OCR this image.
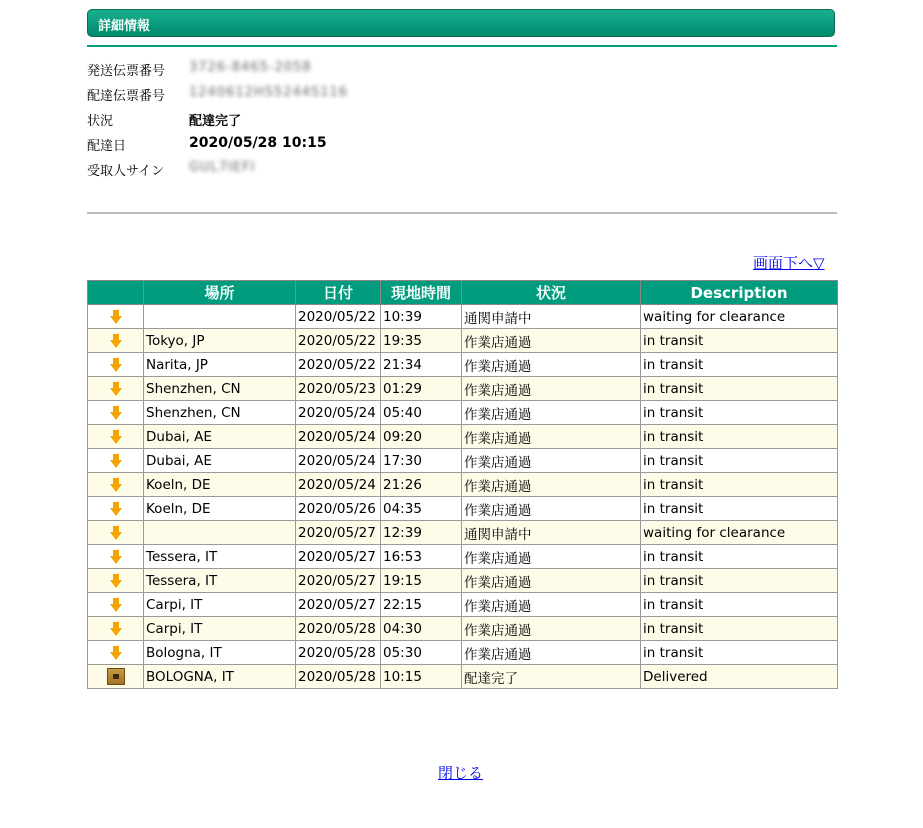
詳細情報
発送伝票番号 3726-8465-2058
配達伝票番号 1240612HS5244S116
状況	配達完了
配達日	2020/05/28 10:15
受取人サイン GUL7IEFI
画面下へ▽
	場所	日付	現地時間	状況	Description

		2020/05/22	10:39	通関申請中	waiting for clearance

	Tokyo, JP	2020/05/22	19:35	作業店通過	in transit

	Narita, JP	2020/05/22	21:34	作業店通過	in transit

	Shenzhen, CN	2020/05/23	01:29	作業店通過	in transit

	Shenzhen, CN	2020/05/24	05:40	作業店通過	in transit

	Dubai, AE	2020/05/24	09:20	作業店通過	in transit

	Dubai, AE	2020/05/24	17:30	作業店通過	in transit

	Koeln, DE	2020/05/24	21:26	作業店通過	in transit

	Koeln, DE	2020/05/26	04:35	作業店通過	in transit

		2020/05/27	12:39	通関申請中	waiting for clearance

	Tessera, IT	2020/05/27	16:53	作業店通過	in transit

	Tessera, IT	2020/05/27	19:15	作業店通過	in transit

	Carpi, IT	2020/05/27	22:15	作業店通過	in transit

	Carpi, IT	2020/05/28	04:30	作業店通過	in transit

	Bologna, IT	2020/05/28	05:30	作業店通過	in transit
	BOLOGNA, IT	2020/05/28	10:15	配達完了	Delivered
閉じる
